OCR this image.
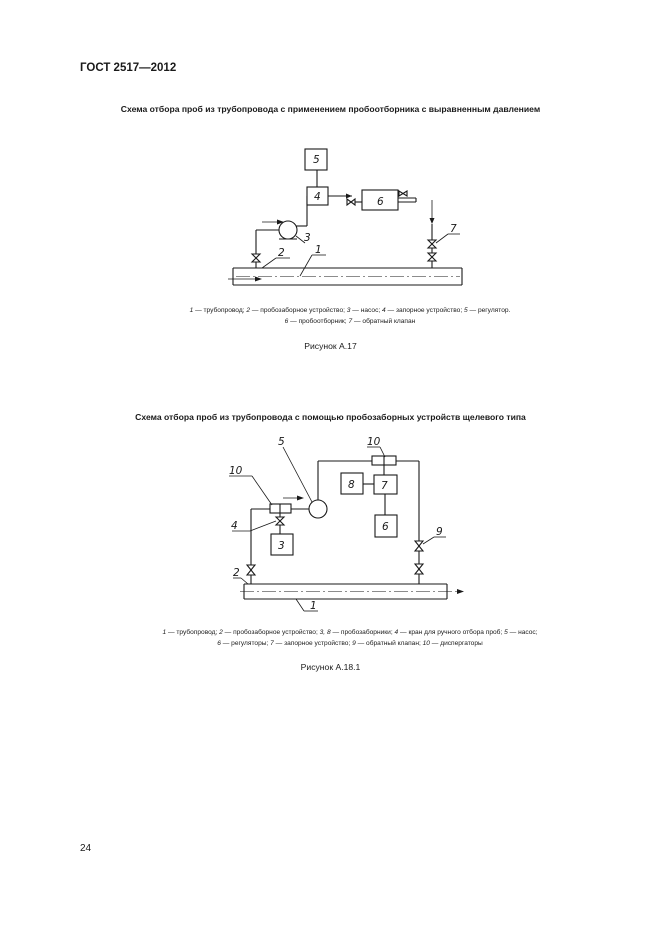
ГОСТ 2517—2012
Схема отбора проб из трубопровода с применением пробоотборника с выравненным давлением
Схема отбора проб из трубопровода с помощью пробозаборных устройств щелевого типа
5
4	6
3
2	1
7
5	10
10
8	7
6
3
4
2
1
9
1 — трубопровод; 2 — пробозаборное устройство; 3 — насос; 4 — запорное устройство; 5 — регулятор.
6 — пробоотборник; 7 — обратный клапан
Рисунок А.17
1 — трубопровод; 2 — пробозаборное устройство; 3, 8 — пробозаборники; 4 — кран для ручного отбора проб; 5 — насос;
6 — регуляторы; 7 — запорное устройство; 9 — обратный клапан; 10 — диспергаторы
Рисунок А.18.1
24
